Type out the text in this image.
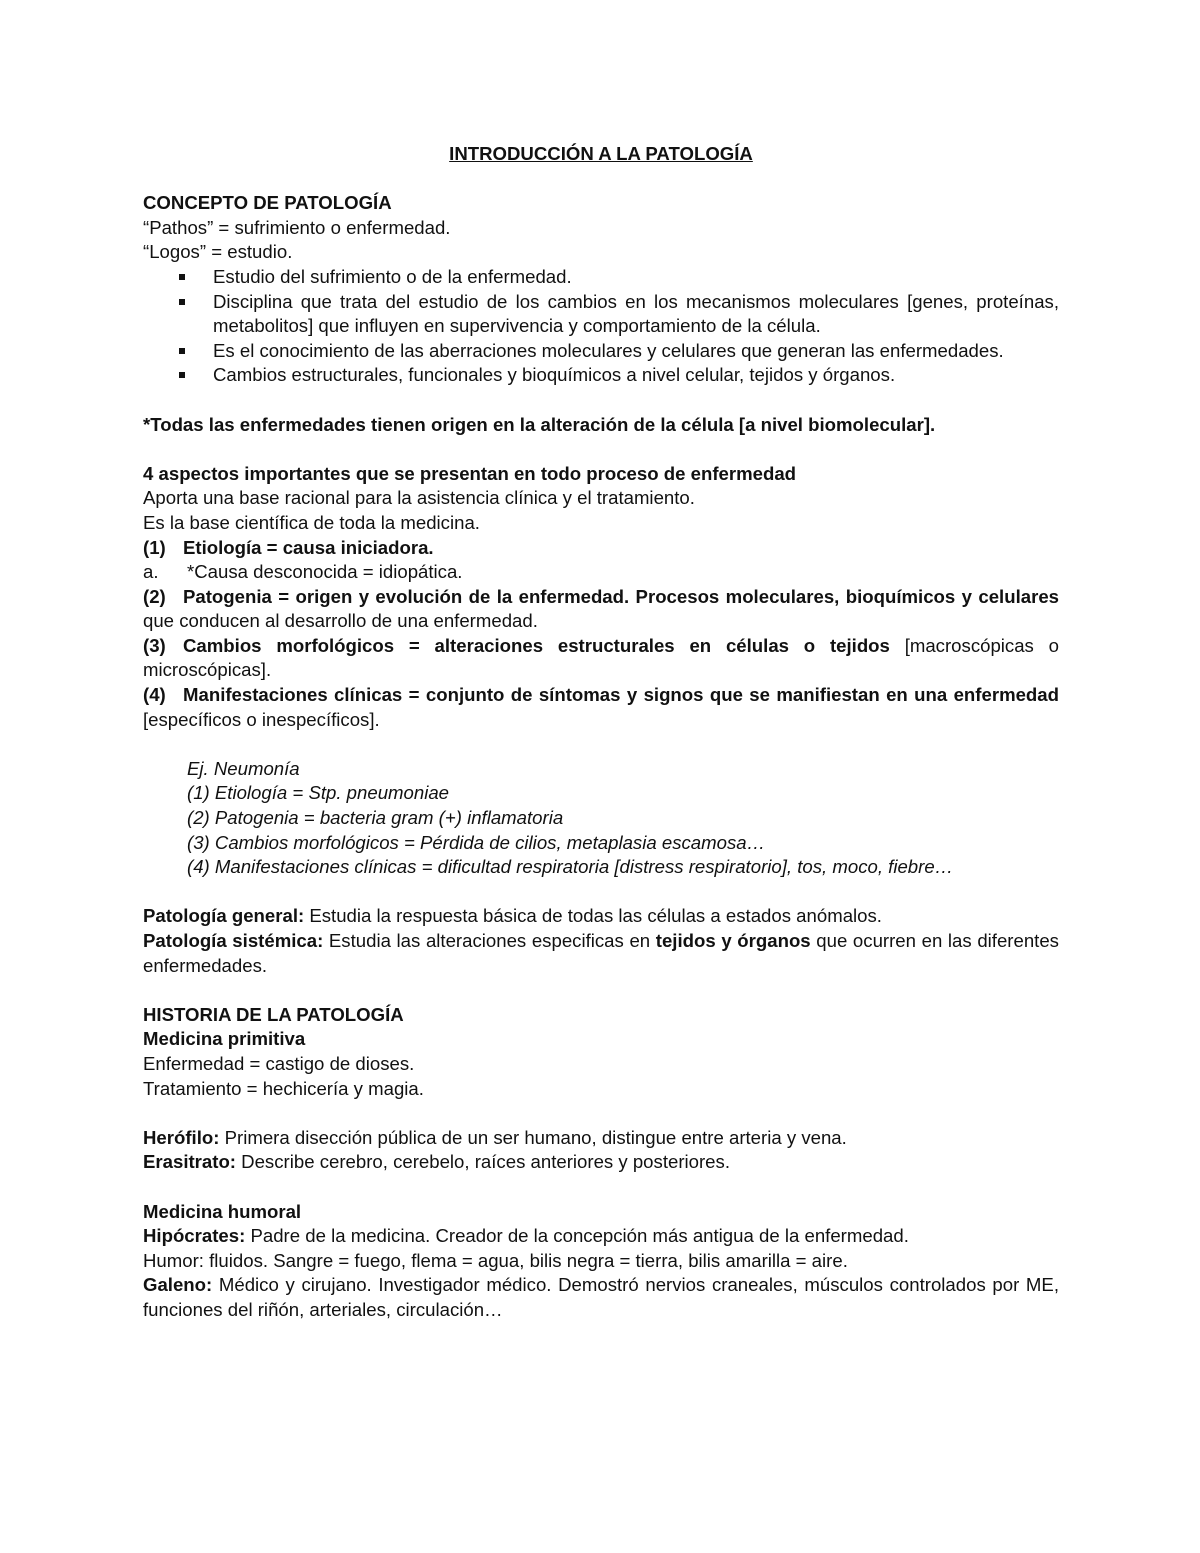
INTRODUCCIÓN A LA PATOLOGÍA

CONCEPTO DE PATOLOGÍA

“Pathos” = sufrimiento o enfermedad.

“Logos” = estudio.

Estudio del sufrimiento o de la enfermedad.
Disciplina que trata del estudio de los cambios en los mecanismos moleculares [genes, proteínas, metabolitos] que influyen en supervivencia y comportamiento de la célula.
Es el conocimiento de las aberraciones moleculares y celulares que generan las enfermedades.
Cambios estructurales, funcionales y bioquímicos a nivel celular, tejidos y órganos.

*Todas las enfermedades tienen origen en la alteración de la célula [a nivel biomolecular].

4 aspectos importantes que se presentan en todo proceso de enfermedad

Aporta una base racional para la asistencia clínica y el tratamiento.

Es la base científica de toda la medicina.

(1) Etiología = causa iniciadora.

a. *Causa desconocida = idiopática.

(2) Patogenia = origen y evolución de la enfermedad. Procesos moleculares, bioquímicos y celulares que conducen al desarrollo de una enfermedad.

(3) Cambios morfológicos = alteraciones estructurales en células o tejidos [macroscópicas o microscópicas].

(4) Manifestaciones clínicas = conjunto de síntomas y signos que se manifiestan en una enfermedad [específicos o inespecíficos].

Ej. Neumonía

(1) Etiología = Stp. pneumoniae

(2) Patogenia = bacteria gram (+) inflamatoria

(3) Cambios morfológicos = Pérdida de cilios, metaplasia escamosa…

(4) Manifestaciones clínicas = dificultad respiratoria [distress respiratorio], tos, moco, fiebre…

Patología general: Estudia la respuesta básica de todas las células a estados anómalos.

Patología sistémica: Estudia las alteraciones especificas en tejidos y órganos que ocurren en las diferentes enfermedades.

HISTORIA DE LA PATOLOGÍA

Medicina primitiva

Enfermedad = castigo de dioses.

Tratamiento = hechicería y magia.

Herófilo: Primera disección pública de un ser humano, distingue entre arteria y vena.

Erasitrato: Describe cerebro, cerebelo, raíces anteriores y posteriores.

Medicina humoral

Hipócrates: Padre de la medicina. Creador de la concepción más antigua de la enfermedad.

Humor: fluidos. Sangre = fuego, flema = agua, bilis negra = tierra, bilis amarilla = aire.

Galeno: Médico y cirujano. Investigador médico. Demostró nervios craneales, músculos controlados por ME, funciones del riñón, arteriales, circulación…
